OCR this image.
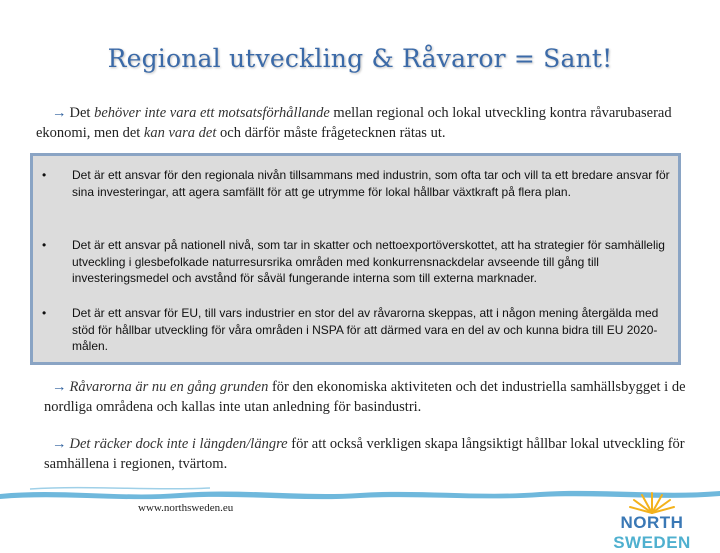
Regional utveckling & Råvaror = Sant!

→ Det behöver inte vara ett motsatsförhållande mellan regional och lokal utveckling kontra råvarubaserad ekonomi, men det kan vara det och därför måste frågetecknen rätas ut.

• Det är ett ansvar för den regionala nivån tillsammans med industrin, som ofta tar och vill ta ett bredare ansvar för sina investeringar, att agera samfällt för att ge utrymme för lokal hållbar växtkraft på flera plan.
• Det är ett ansvar på nationell nivå, som tar in skatter och nettoexportöverskottet, att ha strategier för samhällelig utveckling i glesbefolkade naturresursrika områden med konkurrensnackdelar avseende till gång till investeringsmedel och avstånd för såväl fungerande interna som till externa marknader.
• Det är ett ansvar för EU, till vars industrier en stor del av råvarorna skeppas, att i någon mening återgälda med stöd för hållbar utveckling för våra områden i NSPA för att därmed vara en del av och kunna bidra till EU 2020-målen.

→ Råvarorna är nu en gång grunden för den ekonomiska aktiviteten och det industriella samhällsbygget i de nordliga områdena och kallas inte utan anledning för basindustri.

→ Det räcker dock inte i längden/längre för att också verkligen skapa långsiktigt hållbar lokal utveckling för samhällena i regionen, tvärtom.

www.northsweden.eu
NORTH SWEDEN
